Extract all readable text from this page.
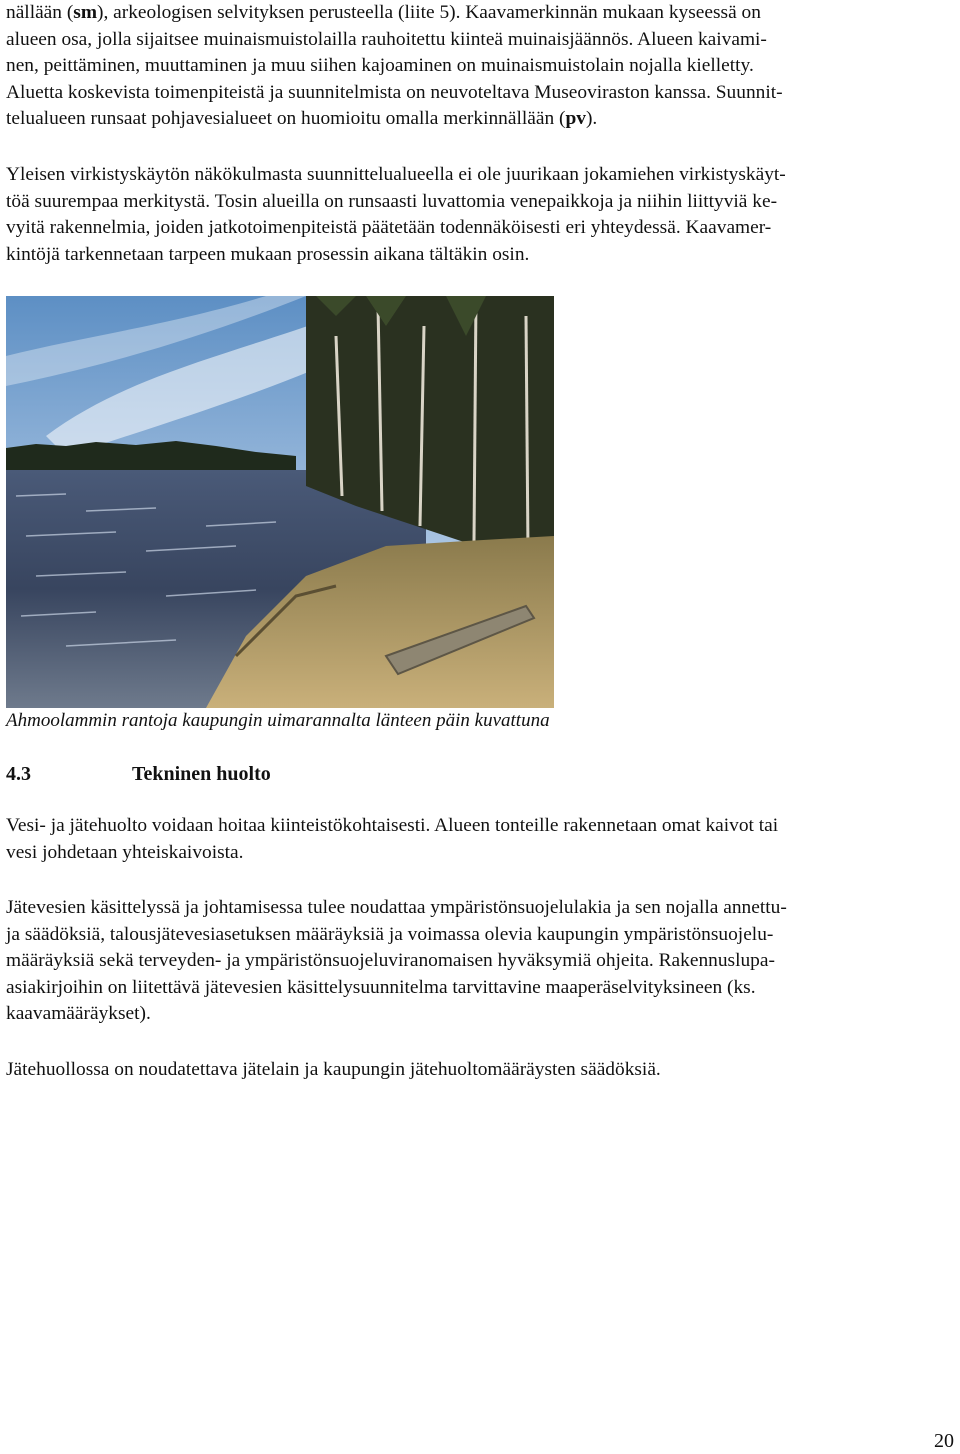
nällään (sm), arkeologisen selvityksen perusteella (liite 5). Kaavamerkinnän mukaan kyseessä on
alueen osa, jolla sijaitsee muinaismuistolailla rauhoitettu kiinteä muinaisjäännös. Alueen kaivami-
nen, peittäminen, muuttaminen ja muu siihen kajoaminen on muinaismuistolain nojalla kielletty.
Aluetta koskevista toimenpiteistä ja suunnitelmista on neuvoteltava Museoviraston kanssa. Suunnit-
telualueen runsaat pohjavesialueet on huomioitu omalla merkinnällään (pv).

Yleisen virkistyskäytön näkökulmasta suunnittelualueella ei ole juurikaan jokamiehen virkistyskäyt-
töä suurempaa merkitystä. Tosin alueilla on runsaasti luvattomia venepaikkoja ja niihin liittyviä ke-
vyitä rakennelmia, joiden jatkotoimenpiteistä päätetään todennäköisesti eri yhteydessä. Kaavamer-
kintöjä tarkennetaan tarpeen mukaan prosessin aikana tältäkin osin.

Ahmoolammin rantoja kaupungin uimarannalta länteen päin kuvattuna
4.3	Tekninen huolto

Vesi- ja jätehuolto voidaan hoitaa kiinteistökohtaisesti. Alueen tonteille rakennetaan omat kaivot tai
vesi johdetaan yhteiskaivoista.

Jätevesien käsittelyssä ja johtamisessa tulee noudattaa ympäristönsuojelulakia ja sen nojalla annettu-
ja säädöksiä, talousjätevesiasetuksen määräyksiä ja voimassa olevia kaupungin ympäristönsuojelu-
määräyksiä sekä terveyden- ja ympäristönsuojeluviranomaisen hyväksymiä ohjeita. Rakennuslupa-
asiakirjoihin on liitettävä jätevesien käsittelysuunnitelma tarvittavine maaperäselvityksineen (ks.
kaavamääräykset).

Jätehuollossa on noudatettava jätelain ja kaupungin jätehuoltomääräysten säädöksiä.

20
